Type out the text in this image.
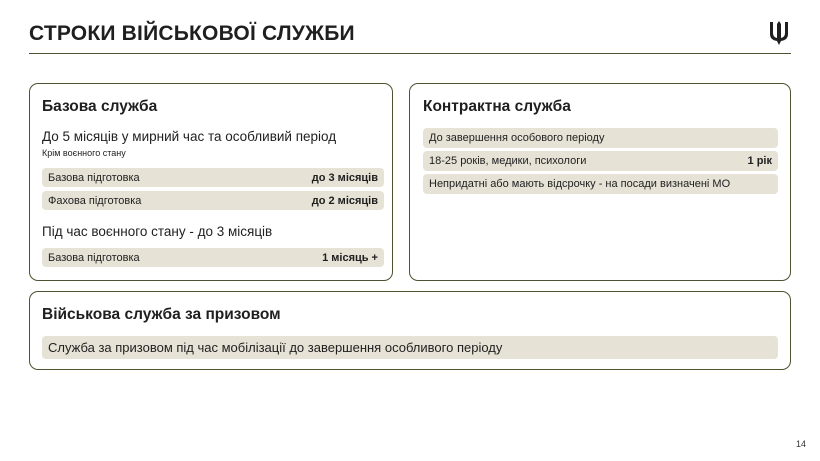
СТРОКИ ВІЙСЬКОВОЇ СЛУЖБИ
Базова служба
До 5 місяців у мирний час та особливий період
Крім воєнного стану
Базова підготовка	до 3 місяців
Фахова підготовка	до 2 місяців
Під час воєнного стану - до 3 місяців
Базова підготовка	1 місяць +
Контрактна служба
До завершення особового періоду
18-25 років, медики, психологи	1 рік
Непридатні або мають відсрочку - на посади визначені МО
Військова служба за призовом
Служба за призовом під час мобілізації до завершення особливого періоду
14
